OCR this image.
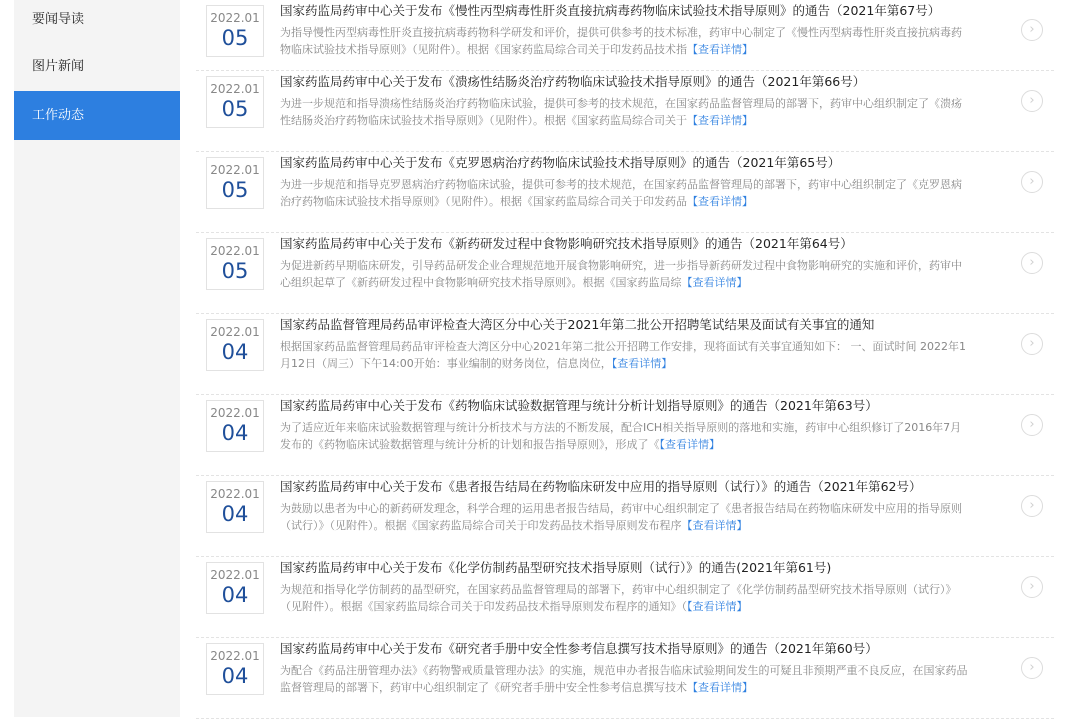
要闻导读
图片新闻
工作动态
2022.01
05
国家药监局药审中心关于发布《慢性丙型病毒性肝炎直接抗病毒药物临床试验技术指导原则》的通告（2021年第67号）
为指导慢性丙型病毒性肝炎直接抗病毒药物科学研发和评价，提供可供参考的技术标准，药审中心制定了《慢性丙型病毒性肝炎直接抗病毒药物临床试验技术指导原则》（见附件）。根据《国家药监局综合司关于印发药品技术指【查看详情】
›
2022.01
05
国家药监局药审中心关于发布《溃疡性结肠炎治疗药物临床试验技术指导原则》的通告（2021年第66号）
为进一步规范和指导溃疡性结肠炎治疗药物临床试验，提供可参考的技术规范，在国家药品监督管理局的部署下，药审中心组织制定了《溃疡性结肠炎治疗药物临床试验技术指导原则》（见附件）。根据《国家药监局综合司关于【查看详情】
›
2022.01
05
国家药监局药审中心关于发布《克罗恩病治疗药物临床试验技术指导原则》的通告（2021年第65号）
为进一步规范和指导克罗恩病治疗药物临床试验，提供可参考的技术规范，在国家药品监督管理局的部署下，药审中心组织制定了《克罗恩病治疗药物临床试验技术指导原则》（见附件）。根据《国家药监局综合司关于印发药品【查看详情】
›
2022.01
05
国家药监局药审中心关于发布《新药研发过程中食物影响研究技术指导原则》的通告（2021年第64号）
为促进新药早期临床研发，引导药品研发企业合理规范地开展食物影响研究，进一步指导新药研发过程中食物影响研究的实施和评价，药审中心组织起草了《新药研发过程中食物影响研究技术指导原则》。根据《国家药监局综【查看详情】
›
2022.01
04
国家药品监督管理局药品审评检查大湾区分中心关于2021年第二批公开招聘笔试结果及面试有关事宜的通知
根据国家药品监督管理局药品审评检查大湾区分中心2021年第二批公开招聘工作安排，现将面试有关事宜通知如下： 一、面试时间 2022年1月12日（周三）下午14:00开始：事业编制的财务岗位，信息岗位，【查看详情】
›
2022.01
04
国家药监局药审中心关于发布《药物临床试验数据管理与统计分析计划指导原则》的通告（2021年第63号）
为了适应近年来临床试验数据管理与统计分析技术与方法的不断发展，配合ICH相关指导原则的落地和实施，药审中心组织修订了2016年7月发布的《药物临床试验数据管理与统计分析的计划和报告指导原则》，形成了《【查看详情】
›
2022.01
04
国家药监局药审中心关于发布《患者报告结局在药物临床研发中应用的指导原则（试行）》的通告（2021年第62号）
为鼓励以患者为中心的新药研发理念，科学合理的运用患者报告结局，药审中心组织制定了《患者报告结局在药物临床研发中应用的指导原则（试行）》（见附件）。根据《国家药监局综合司关于印发药品技术指导原则发布程序【查看详情】
›
2022.01
04
国家药监局药审中心关于发布《化学仿制药晶型研究技术指导原则（试行）》的通告(2021年第61号)
为规范和指导化学仿制药的晶型研究，在国家药品监督管理局的部署下，药审中心组织制定了《化学仿制药晶型研究技术指导原则（试行）》（见附件）。根据《国家药监局综合司关于印发药品技术指导原则发布程序的通知》（【查看详情】
›
2022.01
04
国家药监局药审中心关于发布《研究者手册中安全性参考信息撰写技术指导原则》的通告（2021年第60号）
为配合《药品注册管理办法》《药物警戒质量管理办法》的实施，规范申办者报告临床试验期间发生的可疑且非预期严重不良反应，在国家药品监督管理局的部署下，药审中心组织制定了《研究者手册中安全性参考信息撰写技术【查看详情】
›
